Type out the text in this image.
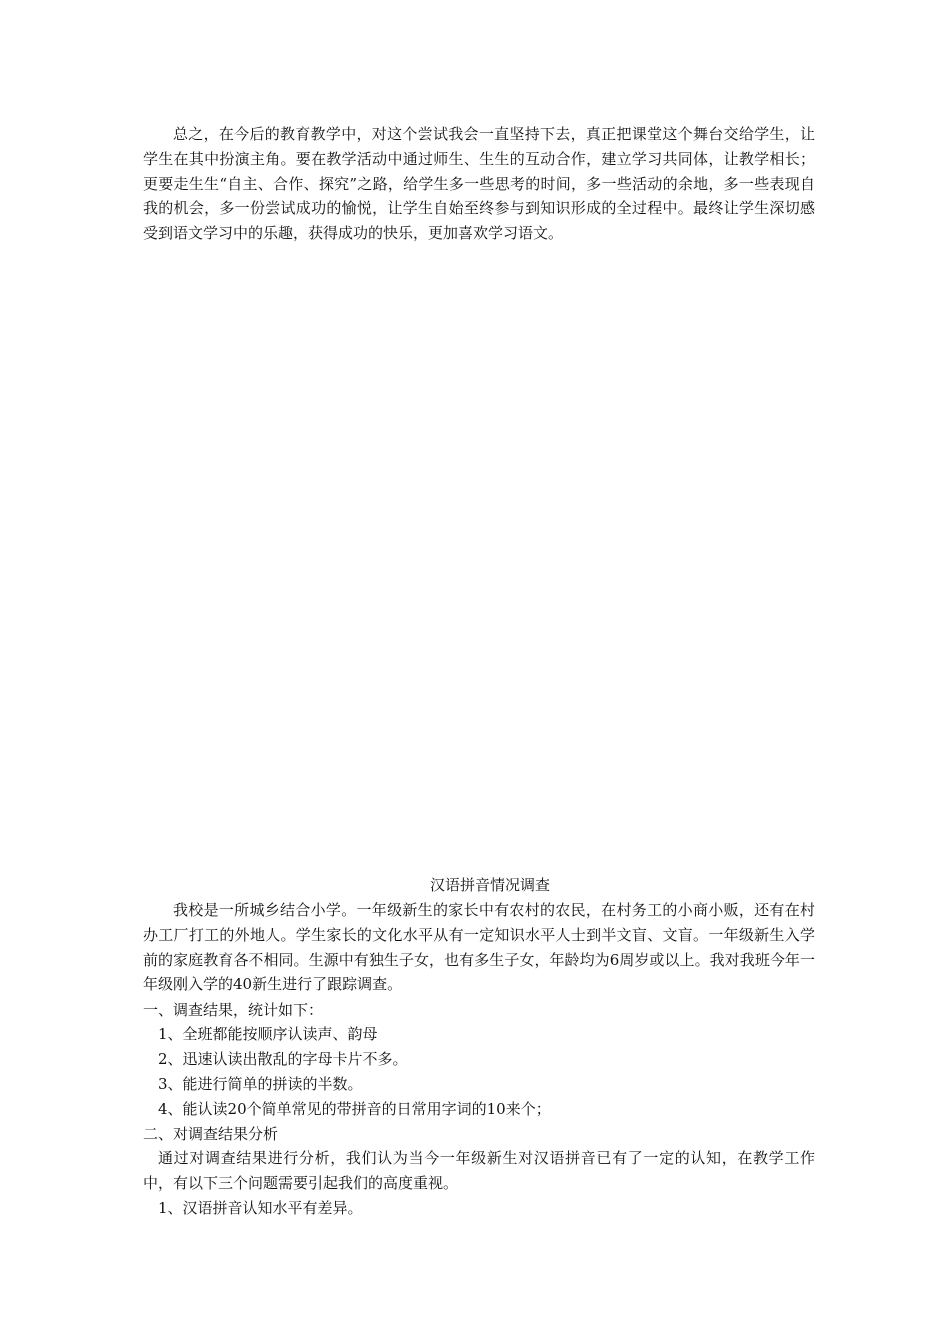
总之，在今后的教育教学中，对这个尝试我会一直坚持下去，真正把课堂这个舞台交给学生，让学生在其中扮演主角。要在教学活动中通过师生、生生的互动合作，建立学习共同体，让教学相长；更要走生生“自主、合作、探究”之路，给学生多一些思考的时间，多一些活动的余地，多一些表现自我的机会，多一份尝试成功的愉悦，让学生自始至终参与到知识形成的全过程中。最终让学生深切感受到语文学习中的乐趣，获得成功的快乐，更加喜欢学习语文。

汉语拼音情况调查

我校是一所城乡结合小学。一年级新生的家长中有农村的农民，在村务工的小商小贩，还有在村办工厂打工的外地人。学生家长的文化水平从有一定知识水平人士到半文盲、文盲。一年级新生入学前的家庭教育各不相同。生源中有独生子女，也有多生子女，年龄均为6周岁或以上。我对我班今年一年级刚入学的40新生进行了跟踪调查。

一、调查结果，统计如下：

1、全班都能按顺序认读声、韵母

2、迅速认读出散乱的字母卡片不多。

3、能进行简单的拼读的半数。

4、能认读20个简单常见的带拼音的日常用字词的10来个；

二、对调查结果分析

通过对调查结果进行分析，我们认为当今一年级新生对汉语拼音已有了一定的认知，在教学工作中，有以下三个问题需要引起我们的高度重视。

1、汉语拼音认知水平有差异。
